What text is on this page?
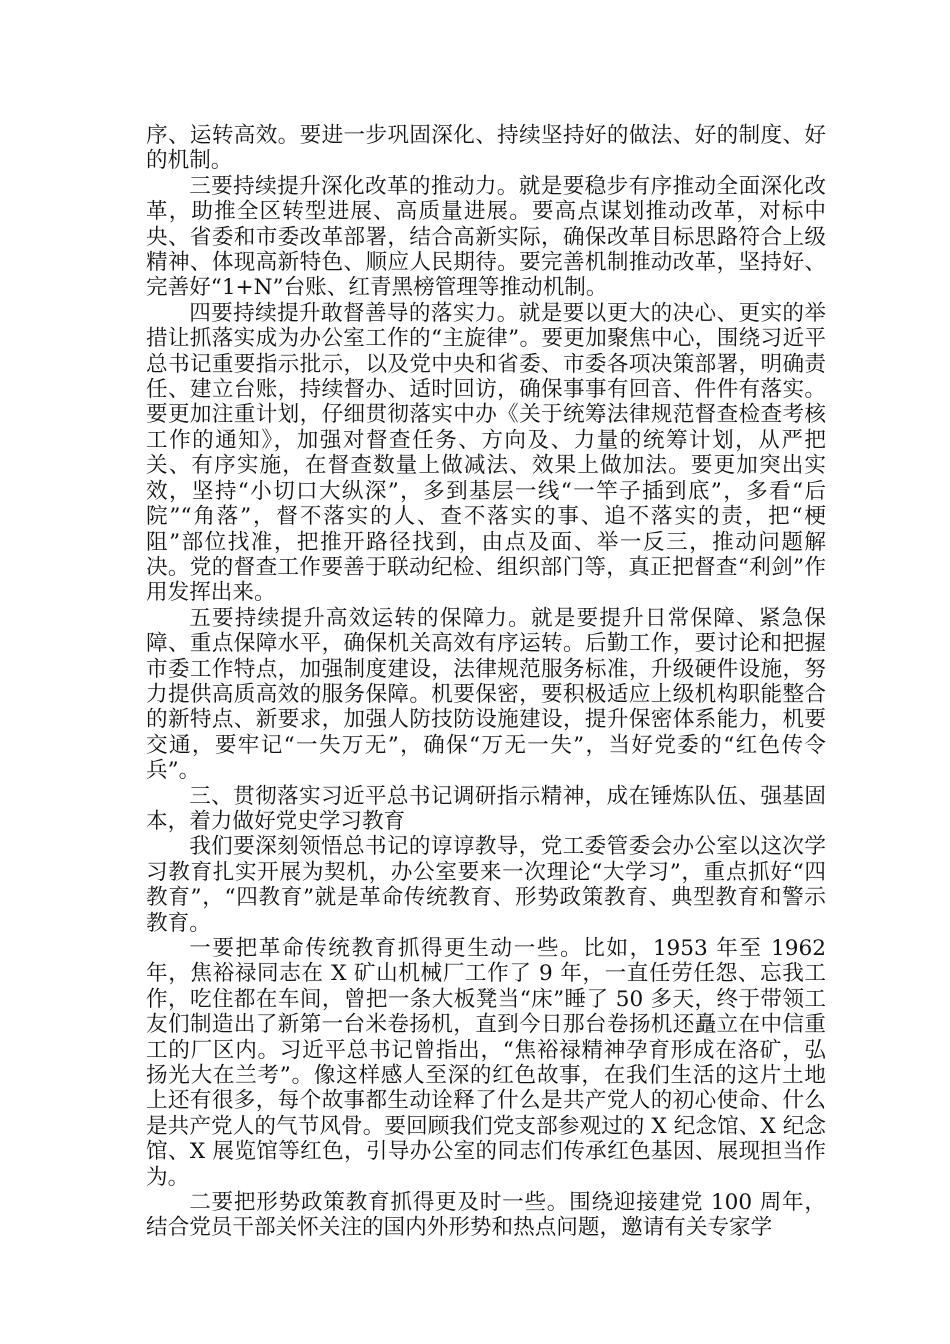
序、运转高效。要进一步巩固深化、持续坚持好的做法、好的制度、好的机制。

三要持续提升深化改革的推动力。就是要稳步有序推动全面深化改革，助推全区转型进展、高质量进展。要高点谋划推动改革，对标中央、省委和市委改革部署，结合高新实际，确保改革目标思路符合上级精神、体现高新特色、顺应人民期待。要完善机制推动改革，坚持好、完善好“1+N”台账、红青黑榜管理等推动机制。

四要持续提升敢督善导的落实力。就是要以更大的决心、更实的举措让抓落实成为办公室工作的“主旋律”。要更加聚焦中心，围绕习近平总书记重要指示批示，以及党中央和省委、市委各项决策部署，明确责任、建立台账，持续督办、适时回访，确保事事有回音、件件有落实。要更加注重计划，仔细贯彻落实中办《关于统筹法律规范督查检查考核工作的通知》，加强对督查任务、方向及、力量的统筹计划，从严把关、有序实施，在督查数量上做减法、效果上做加法。要更加突出实效，坚持“小切口大纵深”，多到基层一线“一竿子插到底”，多看“后院”“角落”，督不落实的人、查不落实的事、追不落实的责，把“梗阻”部位找准，把推开路径找到，由点及面、举一反三，推动问题解决。党的督查工作要善于联动纪检、组织部门等，真正把督查“利剑”作用发挥出来。

五要持续提升高效运转的保障力。就是要提升日常保障、紧急保障、重点保障水平，确保机关高效有序运转。后勤工作，要讨论和把握市委工作特点，加强制度建设，法律规范服务标准，升级硬件设施，努力提供高质高效的服务保障。机要保密，要积极适应上级机构职能整合的新特点、新要求，加强人防技防设施建设，提升保密体系能力，机要交通，要牢记“一失万无”，确保“万无一失”，当好党委的“红色传令兵”。

三、贯彻落实习近平总书记调研指示精神，成在锤炼队伍、强基固本，着力做好党史学习教育

我们要深刻领悟总书记的谆谆教导，党工委管委会办公室以这次学习教育扎实开展为契机，办公室要来一次理论“大学习”，重点抓好“四教育”，“四教育”就是革命传统教育、形势政策教育、典型教育和警示教育。

一要把革命传统教育抓得更生动一些。比如，1953 年至 1962 年，焦裕禄同志在 X 矿山机械厂工作了 9 年，一直任劳任怨、忘我工作，吃住都在车间，曾把一条大板凳当“床”睡了 50 多天，终于带领工友们制造出了新第一台米卷扬机，直到今日那台卷扬机还矗立在中信重工的厂区内。习近平总书记曾指出，“焦裕禄精神孕育形成在洛矿，弘扬光大在兰考”。像这样感人至深的红色故事，在我们生活的这片土地上还有很多，每个故事都生动诠释了什么是共产党人的初心使命、什么是共产党人的气节风骨。要回顾我们党支部参观过的 X 纪念馆、X 纪念馆、X 展览馆等红色，引导办公室的同志们传承红色基因、展现担当作为。

二要把形势政策教育抓得更及时一些。围绕迎接建党 100 周年，结合党员干部关怀关注的国内外形势和热点问题，邀请有关专家学
